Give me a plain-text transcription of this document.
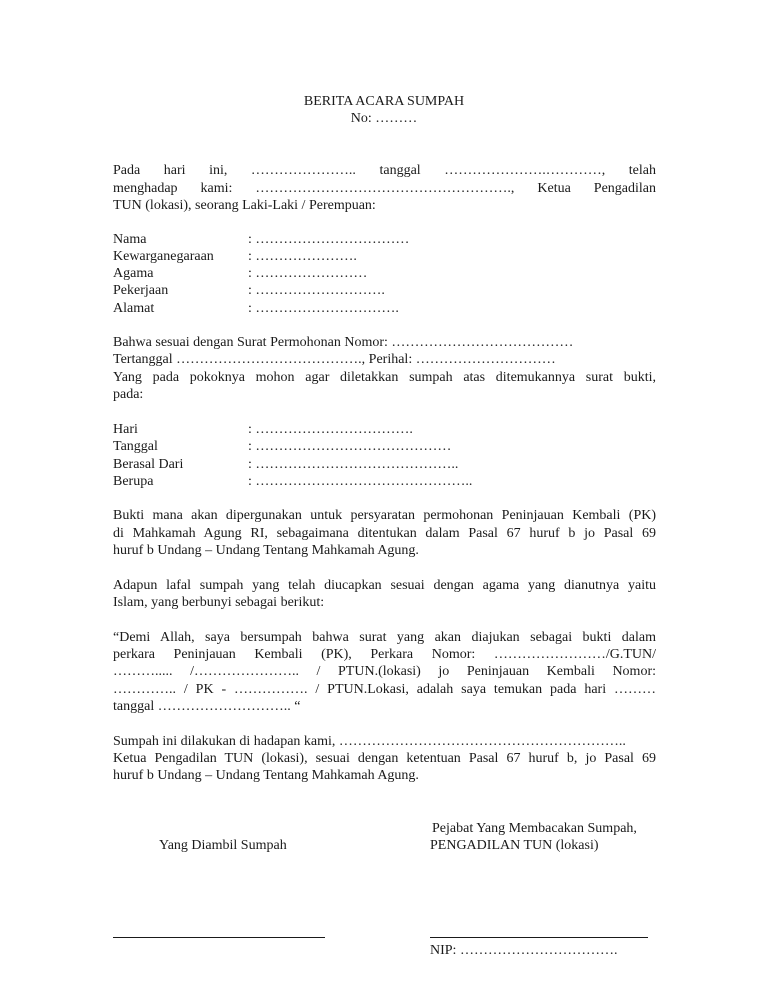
BERITA ACARA SUMPAH
No: ………
Pada hari ini, ………………….. tanggal ………………….…………, telah
menghadap kami: ………………………………………………., Ketua Pengadilan
TUN (lokasi), seorang Laki-Laki / Perempuan:
Nama	: ……………………………
Kewarganegaraan : ………………….
Agama	: ……………………
Pekerjaan	: ……………………….
Alamat	: ………………………….
Bahwa sesuai dengan Surat Permohonan Nomor: …………………………………
Tertanggal …………………………………., Perihal: …………………………
Yang pada pokoknya mohon agar diletakkan sumpah atas ditemukannya surat bukti,
pada:
Hari	: …………………………….
Tanggal	: ……………………………………
Berasal Dari	: ……………………………………..
Berupa	: ………………………………………..
Bukti mana akan dipergunakan untuk persyaratan permohonan Peninjauan Kembali (PK)
di Mahkamah Agung RI, sebagaimana ditentukan dalam Pasal 67 huruf b jo Pasal 69
huruf b Undang – Undang Tentang Mahkamah Agung.
Adapun lafal sumpah yang telah diucapkan sesuai dengan agama yang dianutnya yaitu
Islam, yang berbunyi sebagai berikut:
“Demi Allah, saya bersumpah bahwa surat yang akan diajukan sebagai bukti dalam
perkara Peninjauan Kembali (PK), Perkara Nomor: ……………………/G.TUN/
………..... /………………….. / PTUN.(lokasi) jo Peninjauan Kembali Nomor:
………….. / PK - ……………. / PTUN.Lokasi, adalah saya temukan pada hari ………
tanggal ……………………….. “
Sumpah ini dilakukan di hadapan kami, ……………………………………………………..
Ketua Pengadilan TUN (lokasi), sesuai dengan ketentuan Pasal 67 huruf b, jo Pasal 69
huruf b Undang – Undang Tentang Mahkamah Agung.
Pejabat Yang Membacakan Sumpah,
Yang Diambil Sumpah	PENGADILAN TUN (lokasi)
NIP: …………………………….
